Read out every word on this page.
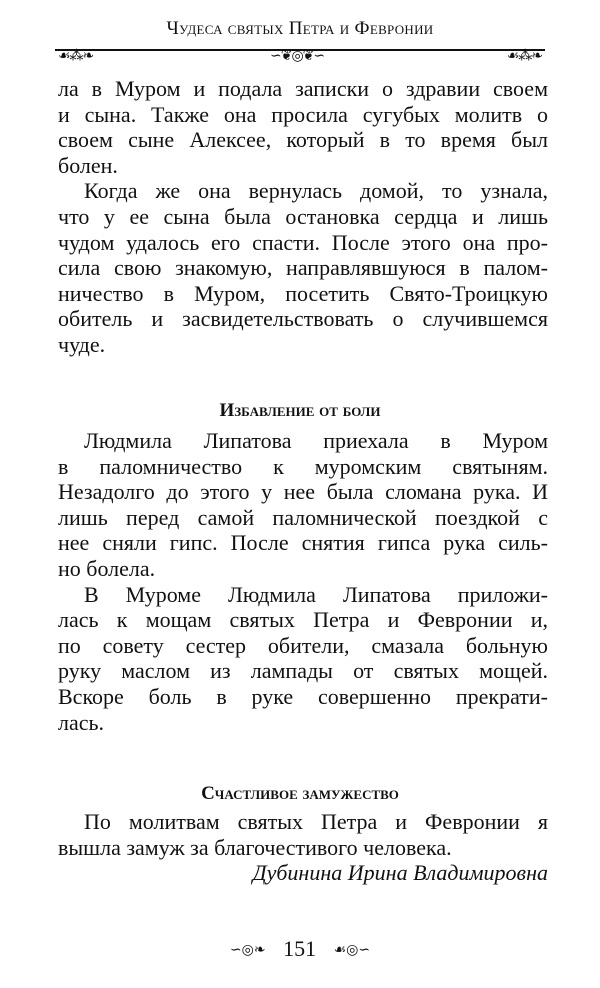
Чудеса святых Петра и Февронии
☙⁂❧	∽❦◎❦∽	☙⁂❧
ла в Муром и подала записки о здравии своем
и сына. Также она просила сугубых молитв о
своем сыне Алексее, который в то время был
болен.
Когда же она вернулась домой, то узнала,
что у ее сына была остановка сердца и лишь
чудом удалось его спасти. После этого она про-
сила свою знакомую, направлявшуюся в палом-
ничество в Муром, посетить Свято-Троицкую
обитель и засвидетельствовать о случившемся
чуде.
Избавление от боли
Людмила Липатова приехала в Муром
в паломничество к муромским святыням.
Незадолго до этого у нее была сломана рука. И
лишь перед самой паломнической поездкой с
нее сняли гипс. После снятия гипса рука силь-
но болела.
В Муроме Людмила Липатова приложи-
лась к мощам святых Петра и Февронии и,
по совету сестер обители, смазала больную
руку маслом из лампады от святых мощей.
Вскоре боль в руке совершенно прекрати-
лась.
Счастливое замужество
По молитвам святых Петра и Февронии я
вышла замуж за благочестивого человека.
Дубинина Ирина Владимировна
∽◎❧ 151 ☙◎∽
